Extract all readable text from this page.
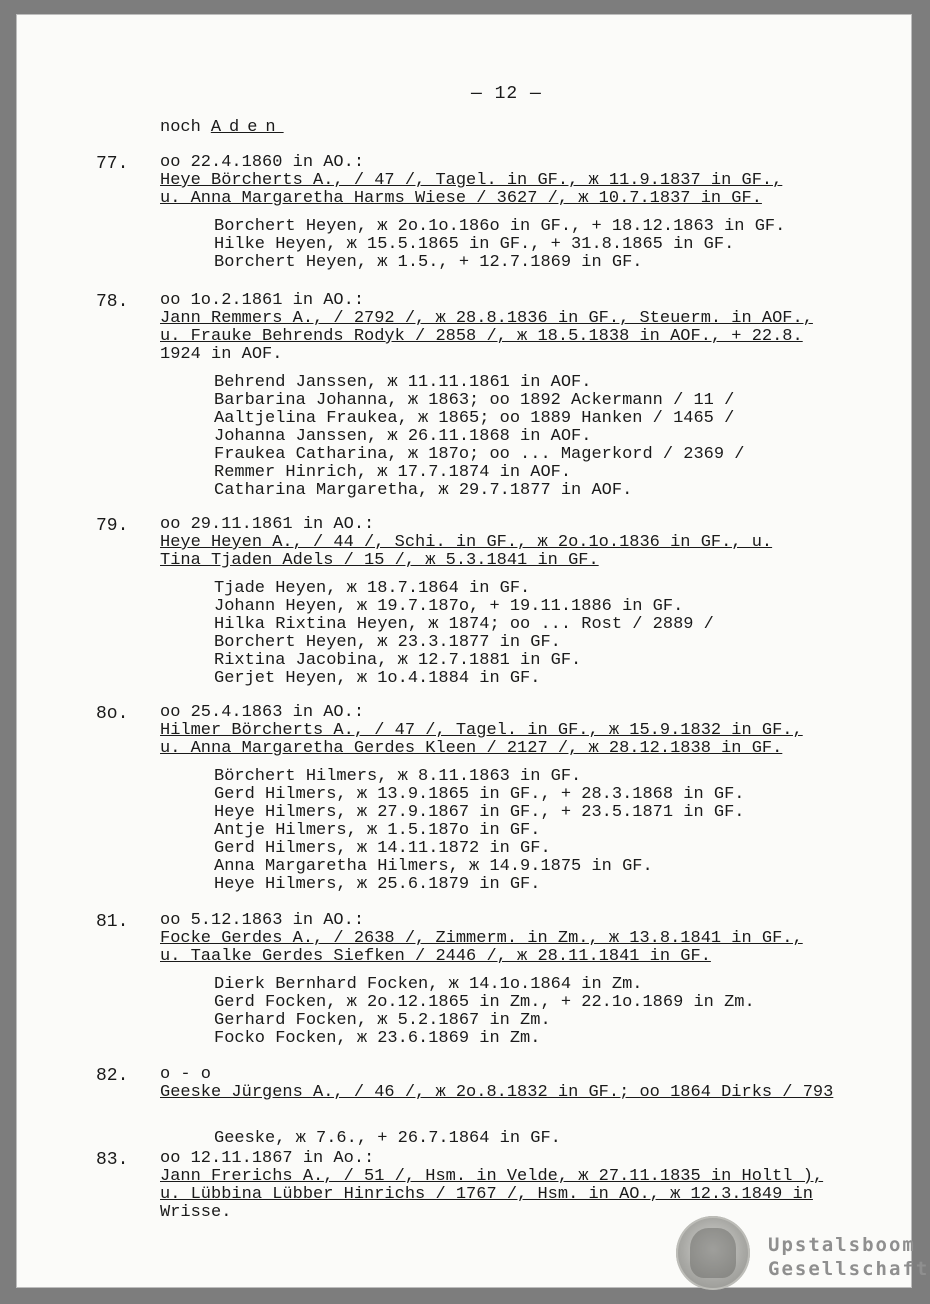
— 12 —
noch Aden
77.	oo 22.4.1860 in AO.:
Heye Börcherts A., / 47 /, Tagel. in GF., ж 11.9.1837 in GF.,
u. Anna Margaretha Harms Wiese / 3627 /, ж 10.7.1837 in GF.
Borchert Heyen, ж 2o.1o.186o in GF., + 18.12.1863 in GF.
Hilke Heyen, ж 15.5.1865 in GF., + 31.8.1865 in GF.
Borchert Heyen, ж 1.5., + 12.7.1869 in GF.
78.	oo 1o.2.1861 in AO.:
Jann Remmers A., / 2792 /, ж 28.8.1836 in GF., Steuerm. in AOF.,
u. Frauke Behrends Rodyk / 2858 /, ж 18.5.1838 in AOF., + 22.8.
1924 in AOF.
Behrend Janssen, ж 11.11.1861 in AOF.
Barbarina Johanna, ж 1863; oo 1892 Ackermann / 11 /
Aaltjelina Fraukea, ж 1865; oo 1889 Hanken / 1465 /
Johanna Janssen, ж 26.11.1868 in AOF.
Fraukea Catharina, ж 187o; oo ... Magerkord / 2369 /
Remmer Hinrich, ж 17.7.1874 in AOF.
Catharina Margaretha, ж 29.7.1877 in AOF.
79.	oo 29.11.1861 in AO.:
Heye Heyen A., / 44 /, Schi. in GF., ж 2o.1o.1836 in GF., u.
Tina Tjaden Adels / 15 /, ж 5.3.1841 in GF.
Tjade Heyen, ж 18.7.1864 in GF.
Johann Heyen, ж 19.7.187o, + 19.11.1886 in GF.
Hilka Rixtina Heyen, ж 1874; oo ... Rost / 2889 /
Borchert Heyen, ж 23.3.1877 in GF.
Rixtina Jacobina, ж 12.7.1881 in GF.
Gerjet Heyen, ж 1o.4.1884 in GF.
8o.	oo 25.4.1863 in AO.:
Hilmer Börcherts A., / 47 /, Tagel. in GF., ж 15.9.1832 in GF.,
u. Anna Margaretha Gerdes Kleen / 2127 /, ж 28.12.1838 in GF.
Börchert Hilmers, ж 8.11.1863 in GF.
Gerd Hilmers, ж 13.9.1865 in GF., + 28.3.1868 in GF.
Heye Hilmers, ж 27.9.1867 in GF., + 23.5.1871 in GF.
Antje Hilmers, ж 1.5.187o in GF.
Gerd Hilmers, ж 14.11.1872 in GF.
Anna Margaretha Hilmers, ж 14.9.1875 in GF.
Heye Hilmers, ж 25.6.1879 in GF.
81.	oo 5.12.1863 in AO.:
Focke Gerdes A., / 2638 /, Zimmerm. in Zm., ж 13.8.1841 in GF.,
u. Taalke Gerdes Siefken / 2446 /, ж 28.11.1841 in GF.
Dierk Bernhard Focken, ж 14.1o.1864 in Zm.
Gerd Focken, ж 2o.12.1865 in Zm., + 22.1o.1869 in Zm.
Gerhard Focken, ж 5.2.1867 in Zm.
Focko Focken, ж 23.6.1869 in Zm.
82.	o - o
Geeske Jürgens A., / 46 /, ж 2o.8.1832 in GF.; oo 1864 Dirks / 793
Geeske, ж 7.6., + 26.7.1864 in GF.
83.	oo 12.11.1867 in Ao.:
Jann Frerichs A., / 51 /, Hsm. in Velde, ж 27.11.1835 in Holtl ),
u. Lübbina Lübber Hinrichs / 1767 /, Hsm. in AO., ж 12.3.1849 in
Wrisse.
Upstalsboom
Gesellschaft
